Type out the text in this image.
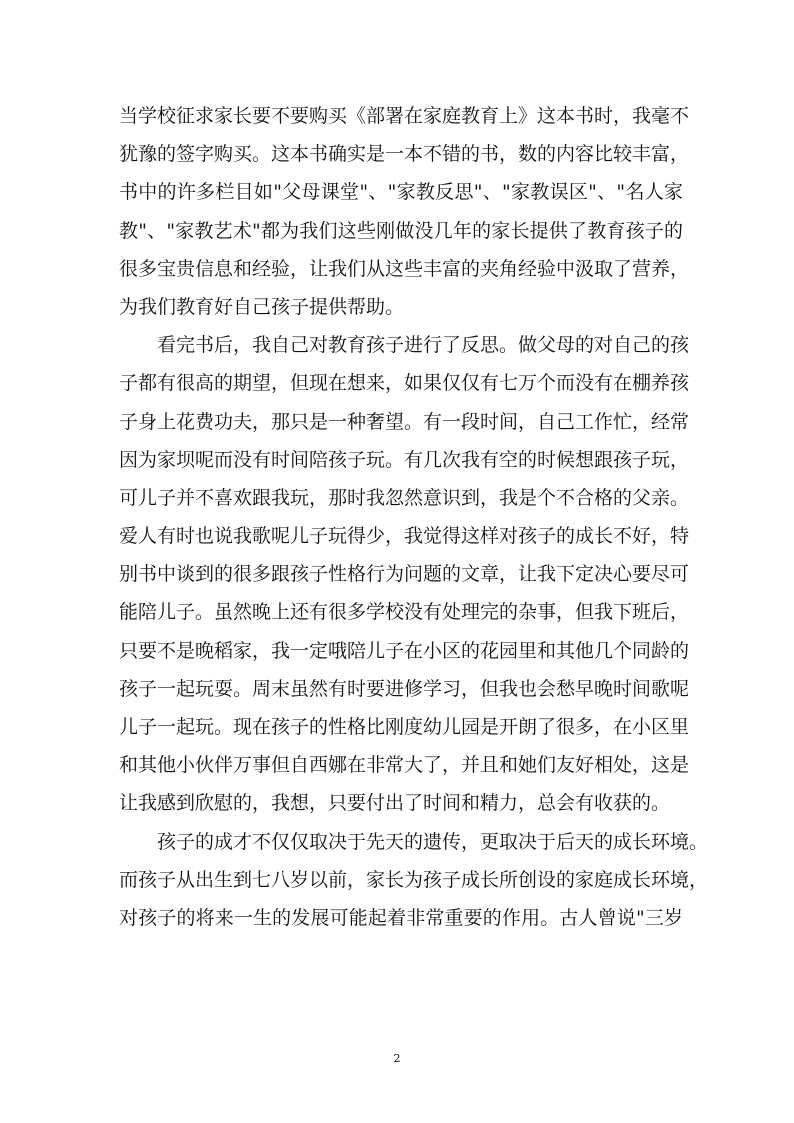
当学校征求家长要不要购买《部署在家庭教育上》这本书时，我毫不
犹豫的签字购买。这本书确实是一本不错的书，数的内容比较丰富，
书中的许多栏目如"父母课堂"、"家教反思"、"家教误区"、"名人家
教"、"家教艺术"都为我们这些刚做没几年的家长提供了教育孩子的
很多宝贵信息和经验，让我们从这些丰富的夹角经验中汲取了营养，
为我们教育好自己孩子提供帮助。
看完书后，我自己对教育孩子进行了反思。做父母的对自己的孩
子都有很高的期望，但现在想来，如果仅仅有七万个而没有在棚养孩
子身上花费功夫，那只是一种奢望。有一段时间，自己工作忙，经常
因为家坝呢而没有时间陪孩子玩。有几次我有空的时候想跟孩子玩，
可儿子并不喜欢跟我玩，那时我忽然意识到，我是个不合格的父亲。
爱人有时也说我歌呢儿子玩得少，我觉得这样对孩子的成长不好，特
别书中谈到的很多跟孩子性格行为问题的文章，让我下定决心要尽可
能陪儿子。虽然晚上还有很多学校没有处理完的杂事，但我下班后，
只要不是晚稻家，我一定哦陪儿子在小区的花园里和其他几个同龄的
孩子一起玩耍。周末虽然有时要进修学习，但我也会愁早晚时间歌呢
儿子一起玩。现在孩子的性格比刚度幼儿园是开朗了很多，在小区里
和其他小伙伴万事但自西娜在非常大了，并且和她们友好相处，这是
让我感到欣慰的，我想，只要付出了时间和精力，总会有收获的。
孩子的成才不仅仅取决于先天的遗传，更取决于后天的成长环境。
而孩子从出生到七八岁以前，家长为孩子成长所创设的家庭成长环境，
对孩子的将来一生的发展可能起着非常重要的作用。古人曾说"三岁
2
